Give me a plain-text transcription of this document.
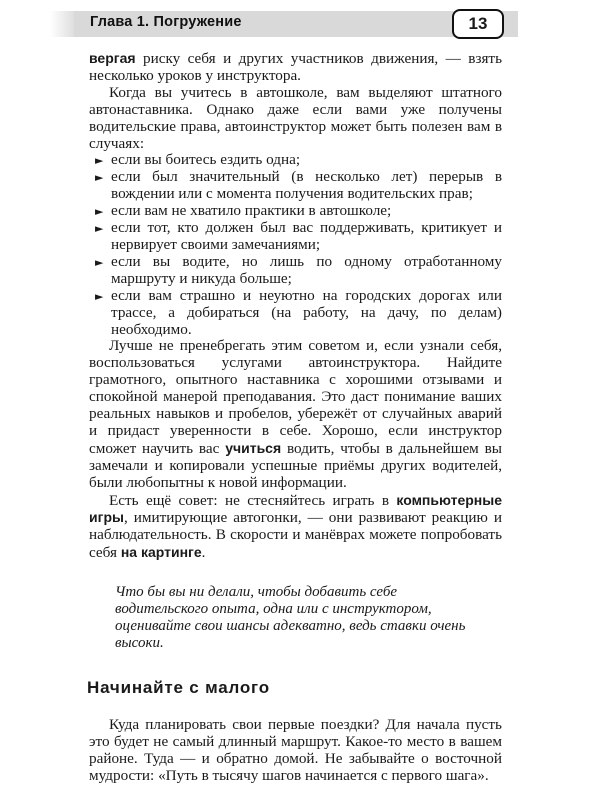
Глава 1. Погружение	13

вергая риску себя и других участников движения, — взять несколько уроков у инструктора.

Когда вы учитесь в автошколе, вам выделяют штатного автонаставника. Однако даже если вами уже получены водительские права, автоинструктор может быть полезен вам в случаях:

► если вы боитесь ездить одна;
► если был значительный (в несколько лет) перерыв в вождении или с момента получения водительских прав;
► если вам не хватило практики в автошколе;
► если тот, кто должен был вас поддерживать, критикует и нервирует своими замечаниями;
► если вы водите, но лишь по одному отработанному маршруту и никуда больше;
► если вам страшно и неуютно на городских дорогах или трассе, а добираться (на работу, на дачу, по делам) необходимо.

Лучше не пренебрегать этим советом и, если узнали себя, воспользоваться услугами автоинструктора. Найдите грамотного, опытного наставника с хорошими отзывами и спокойной манерой преподавания. Это даст понимание ваших реальных навыков и пробелов, убережёт от случайных аварий и придаст уверенности в себе. Хорошо, если инструктор сможет научить вас учиться водить, чтобы в дальнейшем вы замечали и копировали успешные приёмы других водителей, были любопытны к новой информации.

Есть ещё совет: не стесняйтесь играть в компьютерные игры, имитирующие автогонки, — они развивают реакцию и наблюдательность. В скорости и манёврах можете попробовать себя на картинге.

Что бы вы ни делали, чтобы добавить себе водительского опыта, одна или с инструктором, оценивайте свои шансы адекватно, ведь ставки очень высоки.

Начинайте с малого

Куда планировать свои первые поездки? Для начала пусть это будет не самый длинный маршрут. Какое-то место в вашем районе. Туда — и обратно домой. Не забывайте о восточной мудрости: «Путь в тысячу шагов начинается с первого шага».
